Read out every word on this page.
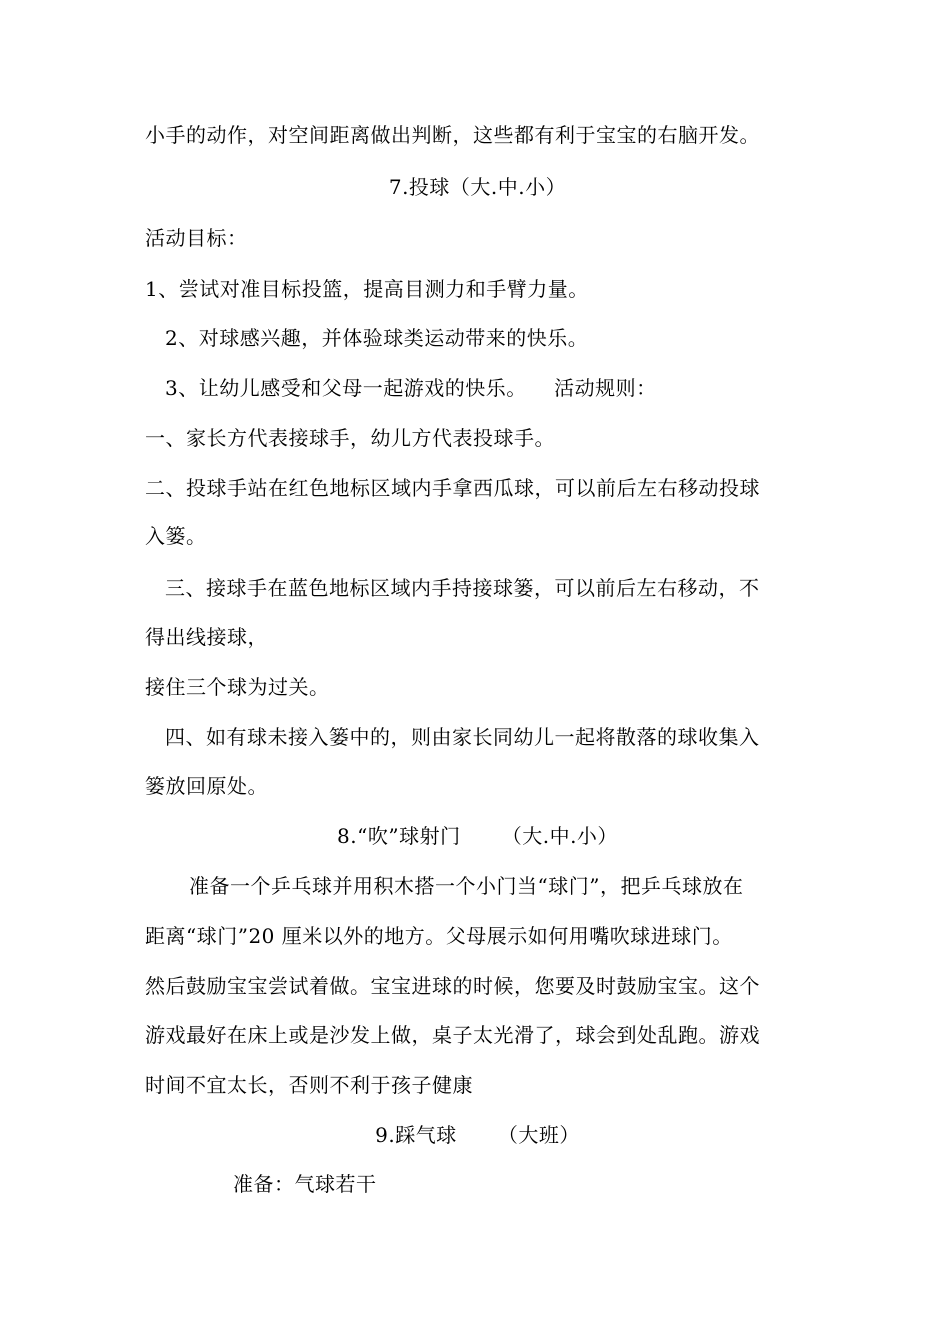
小手的动作，对空间距离做出判断，这些都有利于宝宝的右脑开发。
7.投球（大.中.小）
活动目标：
1、尝试对准目标投篮，提高目测力和手臂力量。
2、对球感兴趣，并体验球类运动带来的快乐。
3、让幼儿感受和父母一起游戏的快乐。    活动规则：
一、家长方代表接球手，幼儿方代表投球手。
二、投球手站在红色地标区域内手拿西瓜球，可以前后左右移动投球
入篓。
三、接球手在蓝色地标区域内手持接球篓，可以前后左右移动，不
得出线接球，
接住三个球为过关。
四、如有球未接入篓中的，则由家长同幼儿一起将散落的球收集入
篓放回原处。
8.“吹”球射门      （大.中.小）
准备一个乒乓球并用积木搭一个小门当“球门”，把乒乓球放在
距离“球门”20 厘米以外的地方。父母展示如何用嘴吹球进球门。
然后鼓励宝宝尝试着做。宝宝进球的时候，您要及时鼓励宝宝。这个
游戏最好在床上或是沙发上做，桌子太光滑了，球会到处乱跑。游戏
时间不宜太长，否则不利于孩子健康
9.踩气球      （大班）
准备：气球若干
